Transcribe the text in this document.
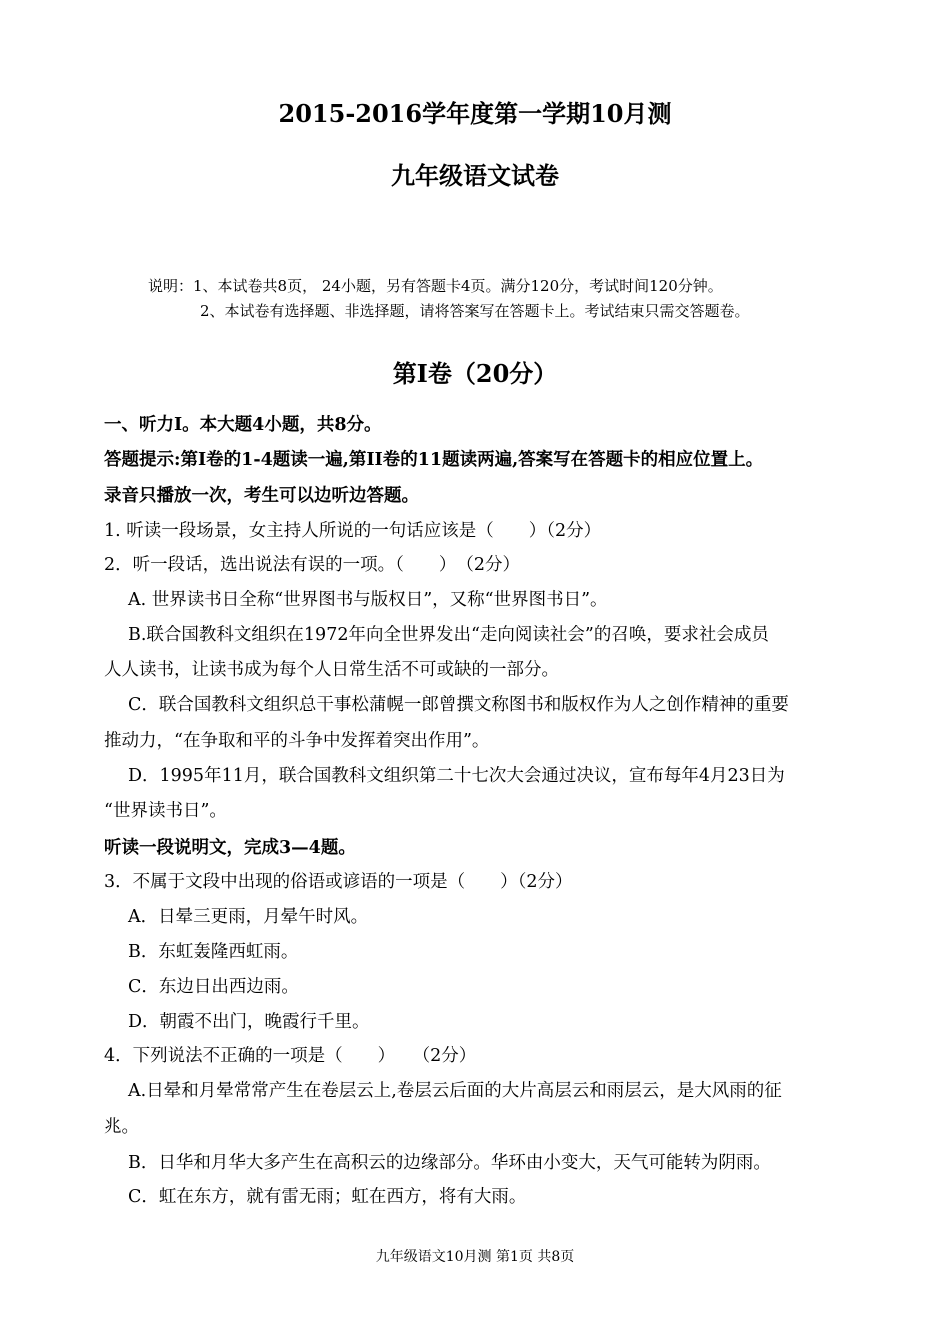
2015-2016学年度第一学期10月测
九年级语文试卷
说明：1、本试卷共8页， 24小题，另有答题卡4页。满分120分，考试时间120分钟。
2、本试卷有选择题、非选择题，请将答案写在答题卡上。考试结束只需交答题卷。
第Ⅰ卷（20分）
一、听力Ⅰ。本大题4小题，共8分。
答题提示:第Ⅰ卷的1-4题读一遍,第II卷的11题读两遍,答案写在答题卡的相应位置上。
录音只播放一次，考生可以边听边答题。
1. 听读一段场景，女主持人所说的一句话应该是（　　）（2分）
2．听一段话，选出说法有误的一项。（　　）　（2分）
A. 世界读书日全称“世界图书与版权日”，又称“世界图书日”。
B.联合国教科文组织在1972年向全世界发出“走向阅读社会”的召唤，要求社会成员
人人读书，让读书成为每个人日常生活不可或缺的一部分。
C．联合国教科文组织总干事松蒲幌一郎曾撰文称图书和版权作为人之创作精神的重要
推动力，“在争取和平的斗争中发挥着突出作用”。
D．1995年11月，联合国教科文组织第二十七次大会通过决议，宣布每年4月23日为
“世界读书日”。
听读一段说明文，完成3—4题。
3．不属于文段中出现的俗语或谚语的一项是（　　）（2分）
A．日晕三更雨，月晕午时风。
B．东虹轰隆西虹雨。
C．东边日出西边雨。
D．朝霞不出门，晚霞行千里。
4．下列说法不正确的一项是（　　）　　（2分）
A.日晕和月晕常常产生在卷层云上,卷层云后面的大片高层云和雨层云，是大风雨的征
兆。
B．日华和月华大多产生在高积云的边缘部分。华环由小变大，天气可能转为阴雨。
C．虹在东方，就有雷无雨；虹在西方，将有大雨。
九年级语文10月测 第1页 共8页
